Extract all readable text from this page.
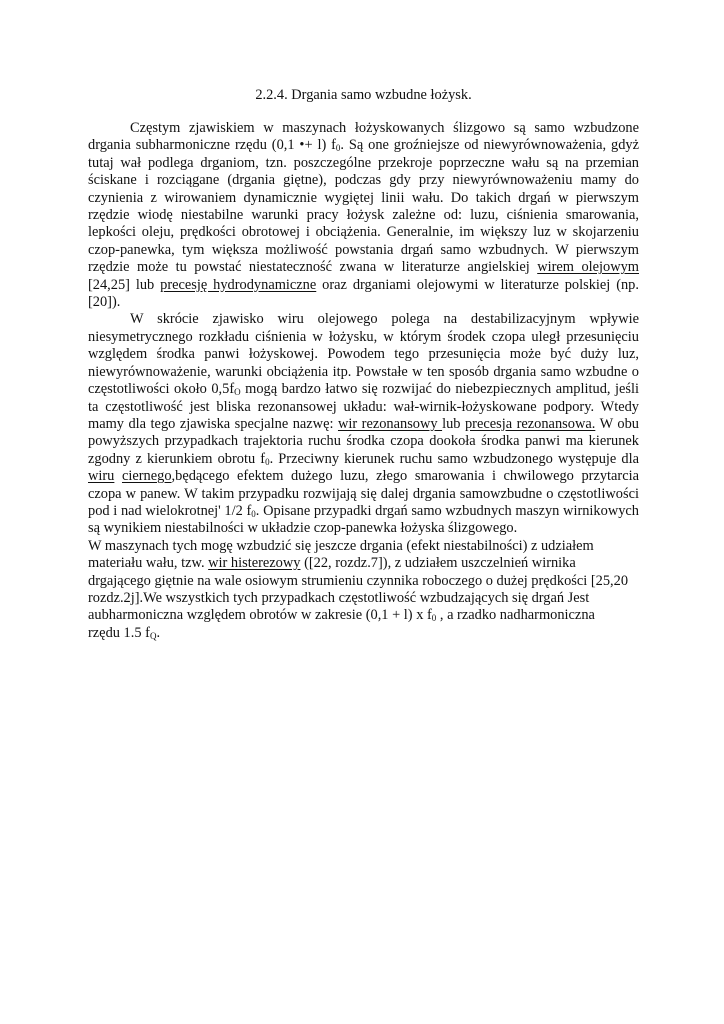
2.2.4. Drgania samo wzbudne łożysk.

Częstym zjawiskiem w maszynach łożyskowanych ślizgowo są samo wzbudzone drgania subharmoniczne rzędu (0,1 •+ l) $f_0$. Są one groźniejsze od niewyrównoważenia, gdyż tutaj wał podlega drganiom, tzn. poszczególne przekroje poprzeczne wału są na przemian ściskane i rozciągane (drgania giętne), podczas gdy przy niewyrównoważeniu mamy do czynienia z wirowaniem dynamicznie wygiętej linii wału. Do takich drgań w pierwszym rzędzie wiodę niestabilne warunki pracy łożysk zależne od: luzu, ciśnienia smarowania, lepkości oleju, prędkości obrotowej i obciążenia. Generalnie, im większy luz w skojarzeniu czop-panewka, tym większa możliwość powstania drgań samo wzbudnych. W pierwszym rzędzie może tu powstać niestateczność zwana w literaturze angielskiej wirem olejowym [24,25] lub precesję hydrodynamiczne oraz drganiami olejowymi w literaturze polskiej (np.[20]).

W skrócie zjawisko wiru olejowego polega na destabilizacyjnym wpływie niesymetrycznego rozkładu ciśnienia w łożysku, w którym środek czopa uległ przesunięciu względem środka panwi łożyskowej. Powodem tego przesunięcia może być duży luz, niewyrównoważenie, warunki obciążenia itp. Powstałe w ten sposób drgania samo wzbudne o częstotliwości około $0,5f_O$ mogą bardzo łatwo się rozwijać do niebezpiecznych amplitud, jeśli ta częstotliwość jest bliska rezonansowej układu: wał-wirnik-łożyskowane podpory. Wtedy mamy dla tego zjawiska specjalne nazwę: wir rezonansowy lub precesja rezonansowa. W obu powyższych przypadkach trajektoria ruchu środka czopa dookoła środka panwi ma kierunek zgodny z kierunkiem obrotu $f_0$. Przeciwny kierunek ruchu samo wzbudzonego występuje dla wiru ciernego,będącego efektem dużego luzu, złego smarowania i chwilowego przytarcia czopa w panew. W takim przypadku rozwijają się dalej drgania samowzbudne o częstotliwości pod i nad wielokrotnej' 1/2 $f_0$. Opisane przypadki drgań samo wzbudnych maszyn wirnikowych są wynikiem niestabilności w układzie czop-panewka łożyska ślizgowego.

W maszynach tych mogę wzbudzić się jeszcze drgania (efekt niestabilności) z udziałem
materiału wału, tzw. wir histerezowy ([22, rozdz.7]), z udziałem uszczelnień wirnika
drgającego giętnie na wale osiowym strumieniu czynnika roboczego o dużej prędkości [25,20
rozdz.2j].We wszystkich tych przypadkach częstotliwość wzbudzających się drgań Jest
aubharmoniczna względem obrotów w zakresie (0,1 + l) x $f_0$ , a rzadko nadharmoniczna
rzędu 1.5 $f_Q$.
